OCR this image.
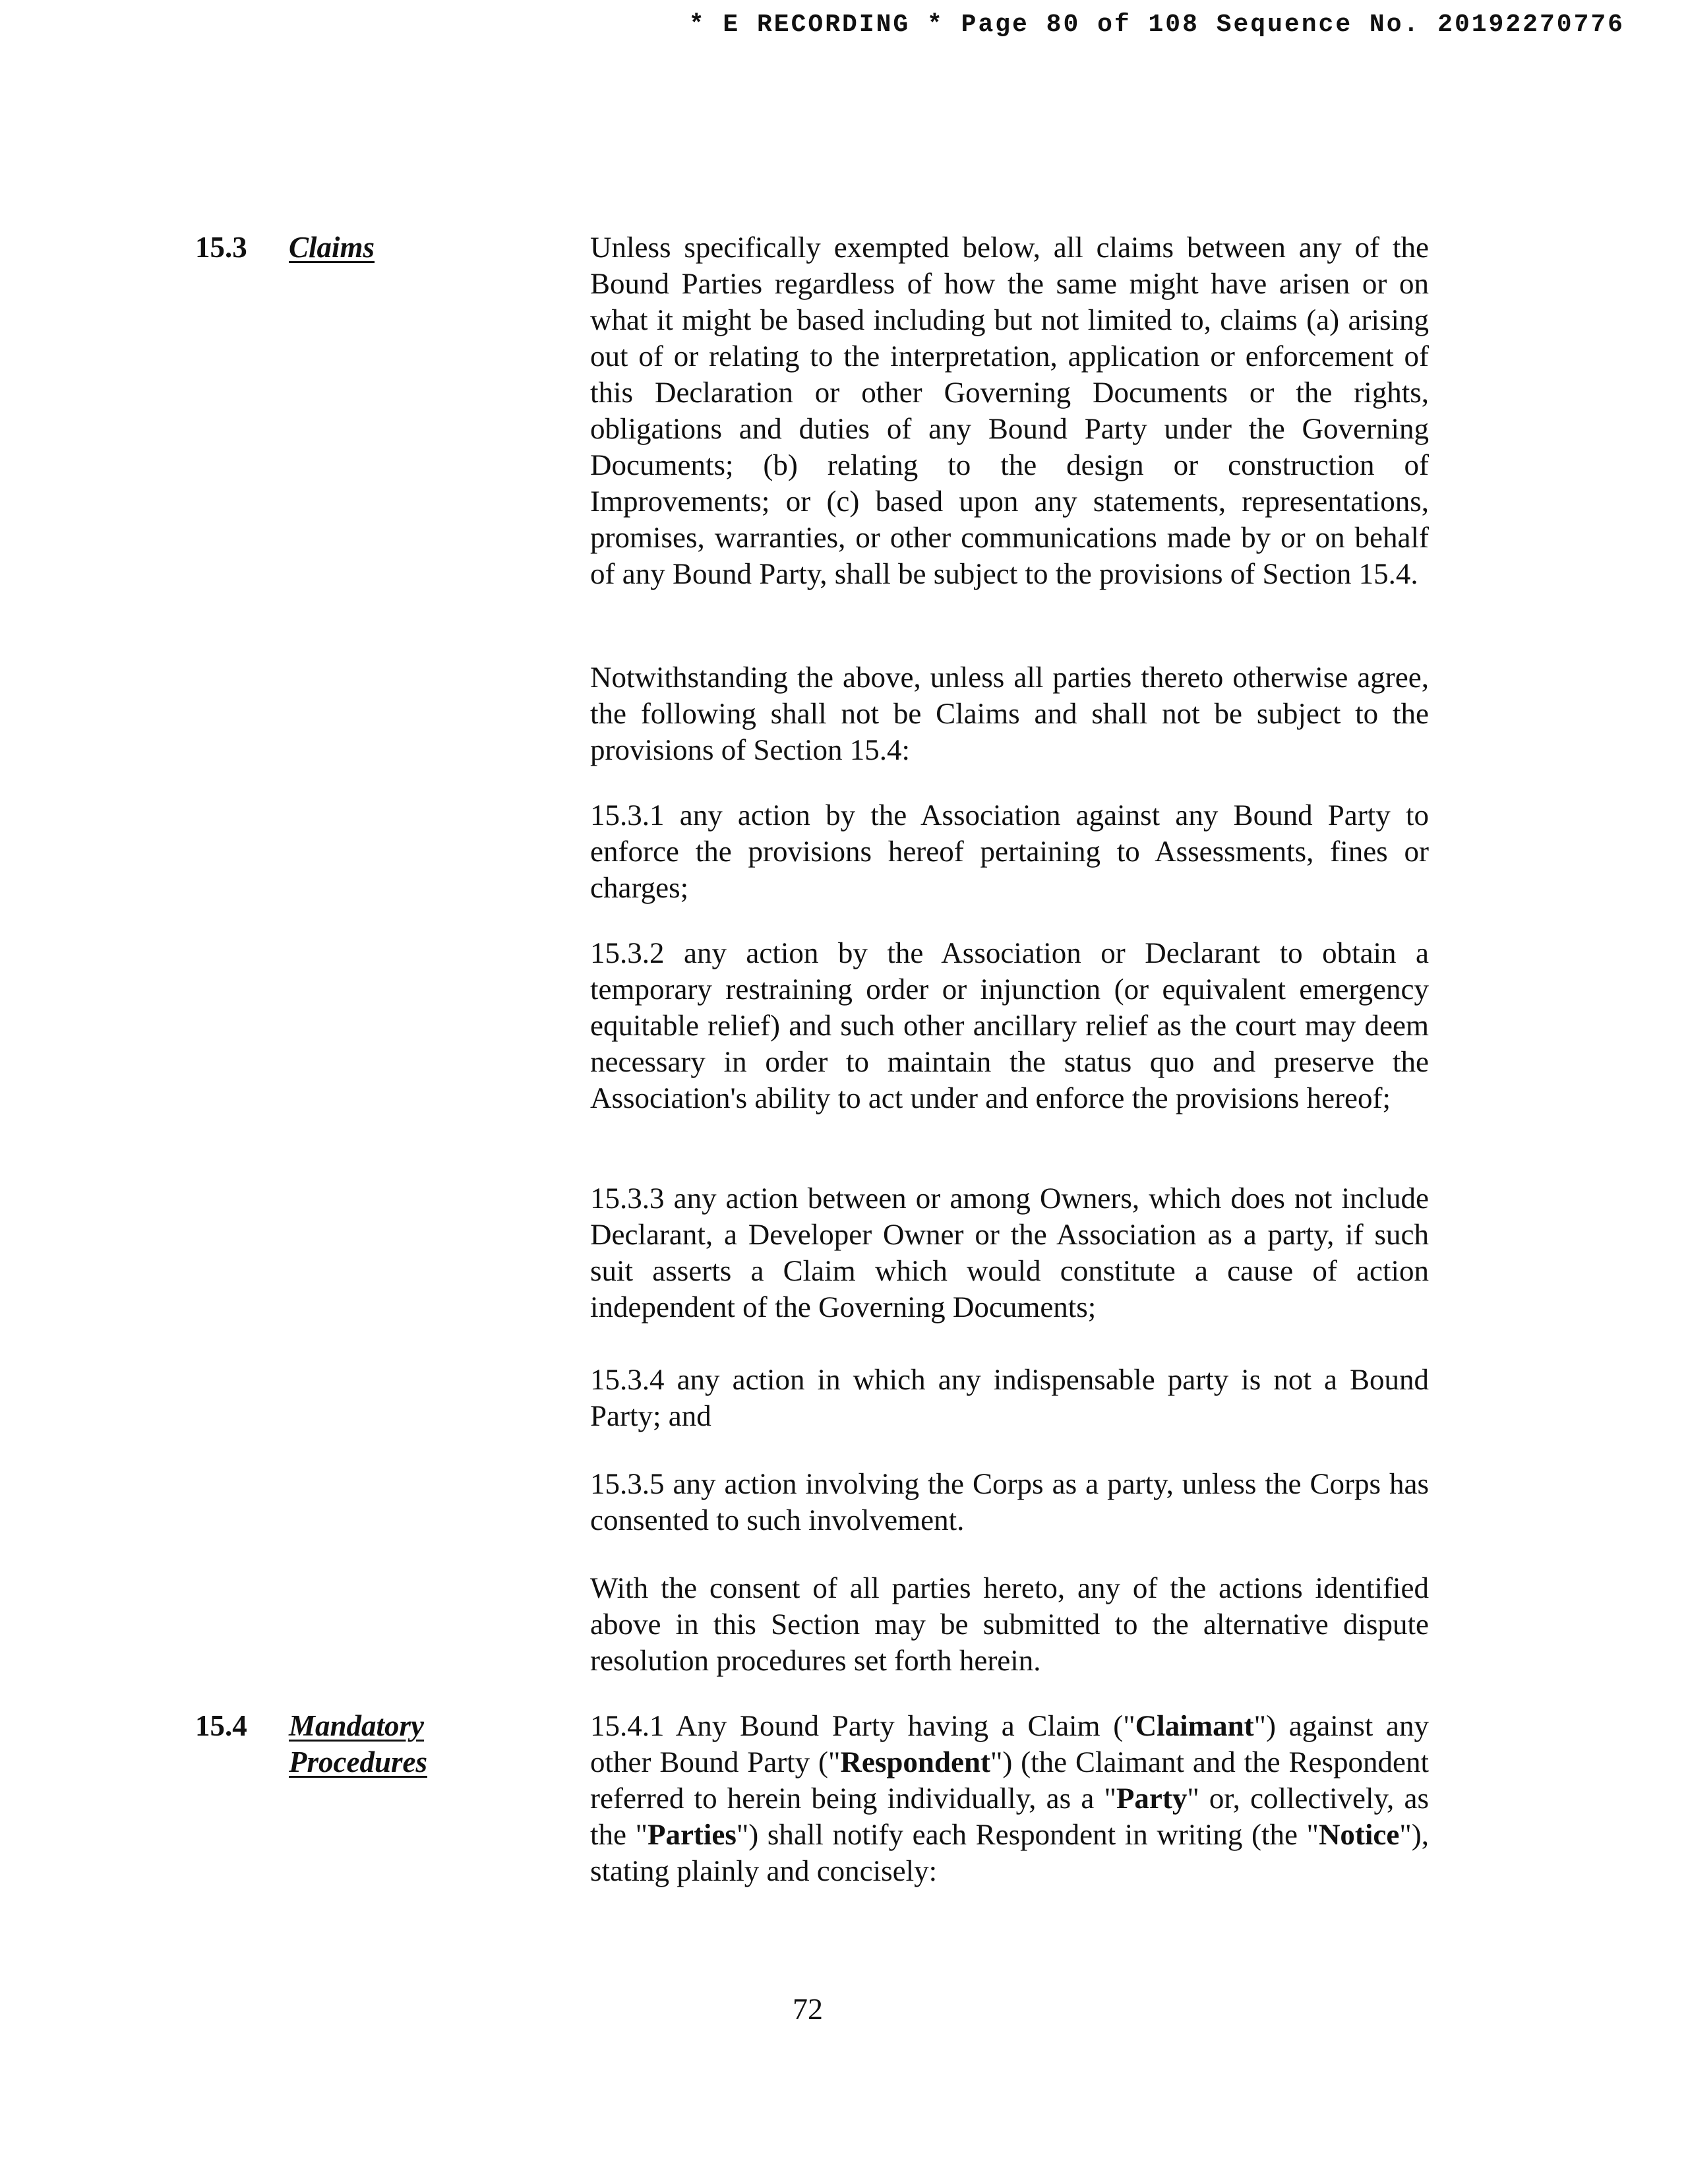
* E RECORDING * Page 80 of 108 Sequence No. 20192270776
15.3 Claims	Unless specifically exempted below, all claims between any of the Bound Parties regardless of how the same might have arisen or on what it might be based including but not limited to, claims (a) arising out of or relating to the interpretation, application or enforcement of this Declaration or other Governing Documents or the rights, obligations and duties of any Bound Party under the Governing Documents; (b) relating to the design or construction of Improvements; or (c) based upon any statements, representations, promises, warranties, or other communications made by or on behalf of any Bound Party, shall be subject to the provisions of Section 15.4.

Notwithstanding the above, unless all parties thereto otherwise agree, the following shall not be Claims and shall not be subject to the provisions of Section 15.4:

15.3.1 any action by the Association against any Bound Party to enforce the provisions hereof pertaining to Assessments, fines or charges;

15.3.2 any action by the Association or Declarant to obtain a temporary restraining order or injunction (or equivalent emergency equitable relief) and such other ancillary relief as the court may deem necessary in order to maintain the status quo and preserve the Association's ability to act under and enforce the provisions hereof;

15.3.3 any action between or among Owners, which does not include Declarant, a Developer Owner or the Association as a party, if such suit asserts a Claim which would constitute a cause of action independent of the Governing Documents;

15.3.4 any action in which any indispensable party is not a Bound Party; and

15.3.5 any action involving the Corps as a party, unless the Corps has consented to such involvement.

With the consent of all parties hereto, any of the actions identified above in this Section may be submitted to the alternative dispute resolution procedures set forth herein.

15.4 Mandatory
Procedures

15.4.1 Any Bound Party having a Claim ("Claimant") against any other Bound Party ("Respondent") (the Claimant and the Respondent referred to herein being individually, as a "Party" or, collectively, as the "Parties") shall notify each Respondent in writing (the "Notice"), stating plainly and concisely:

72
